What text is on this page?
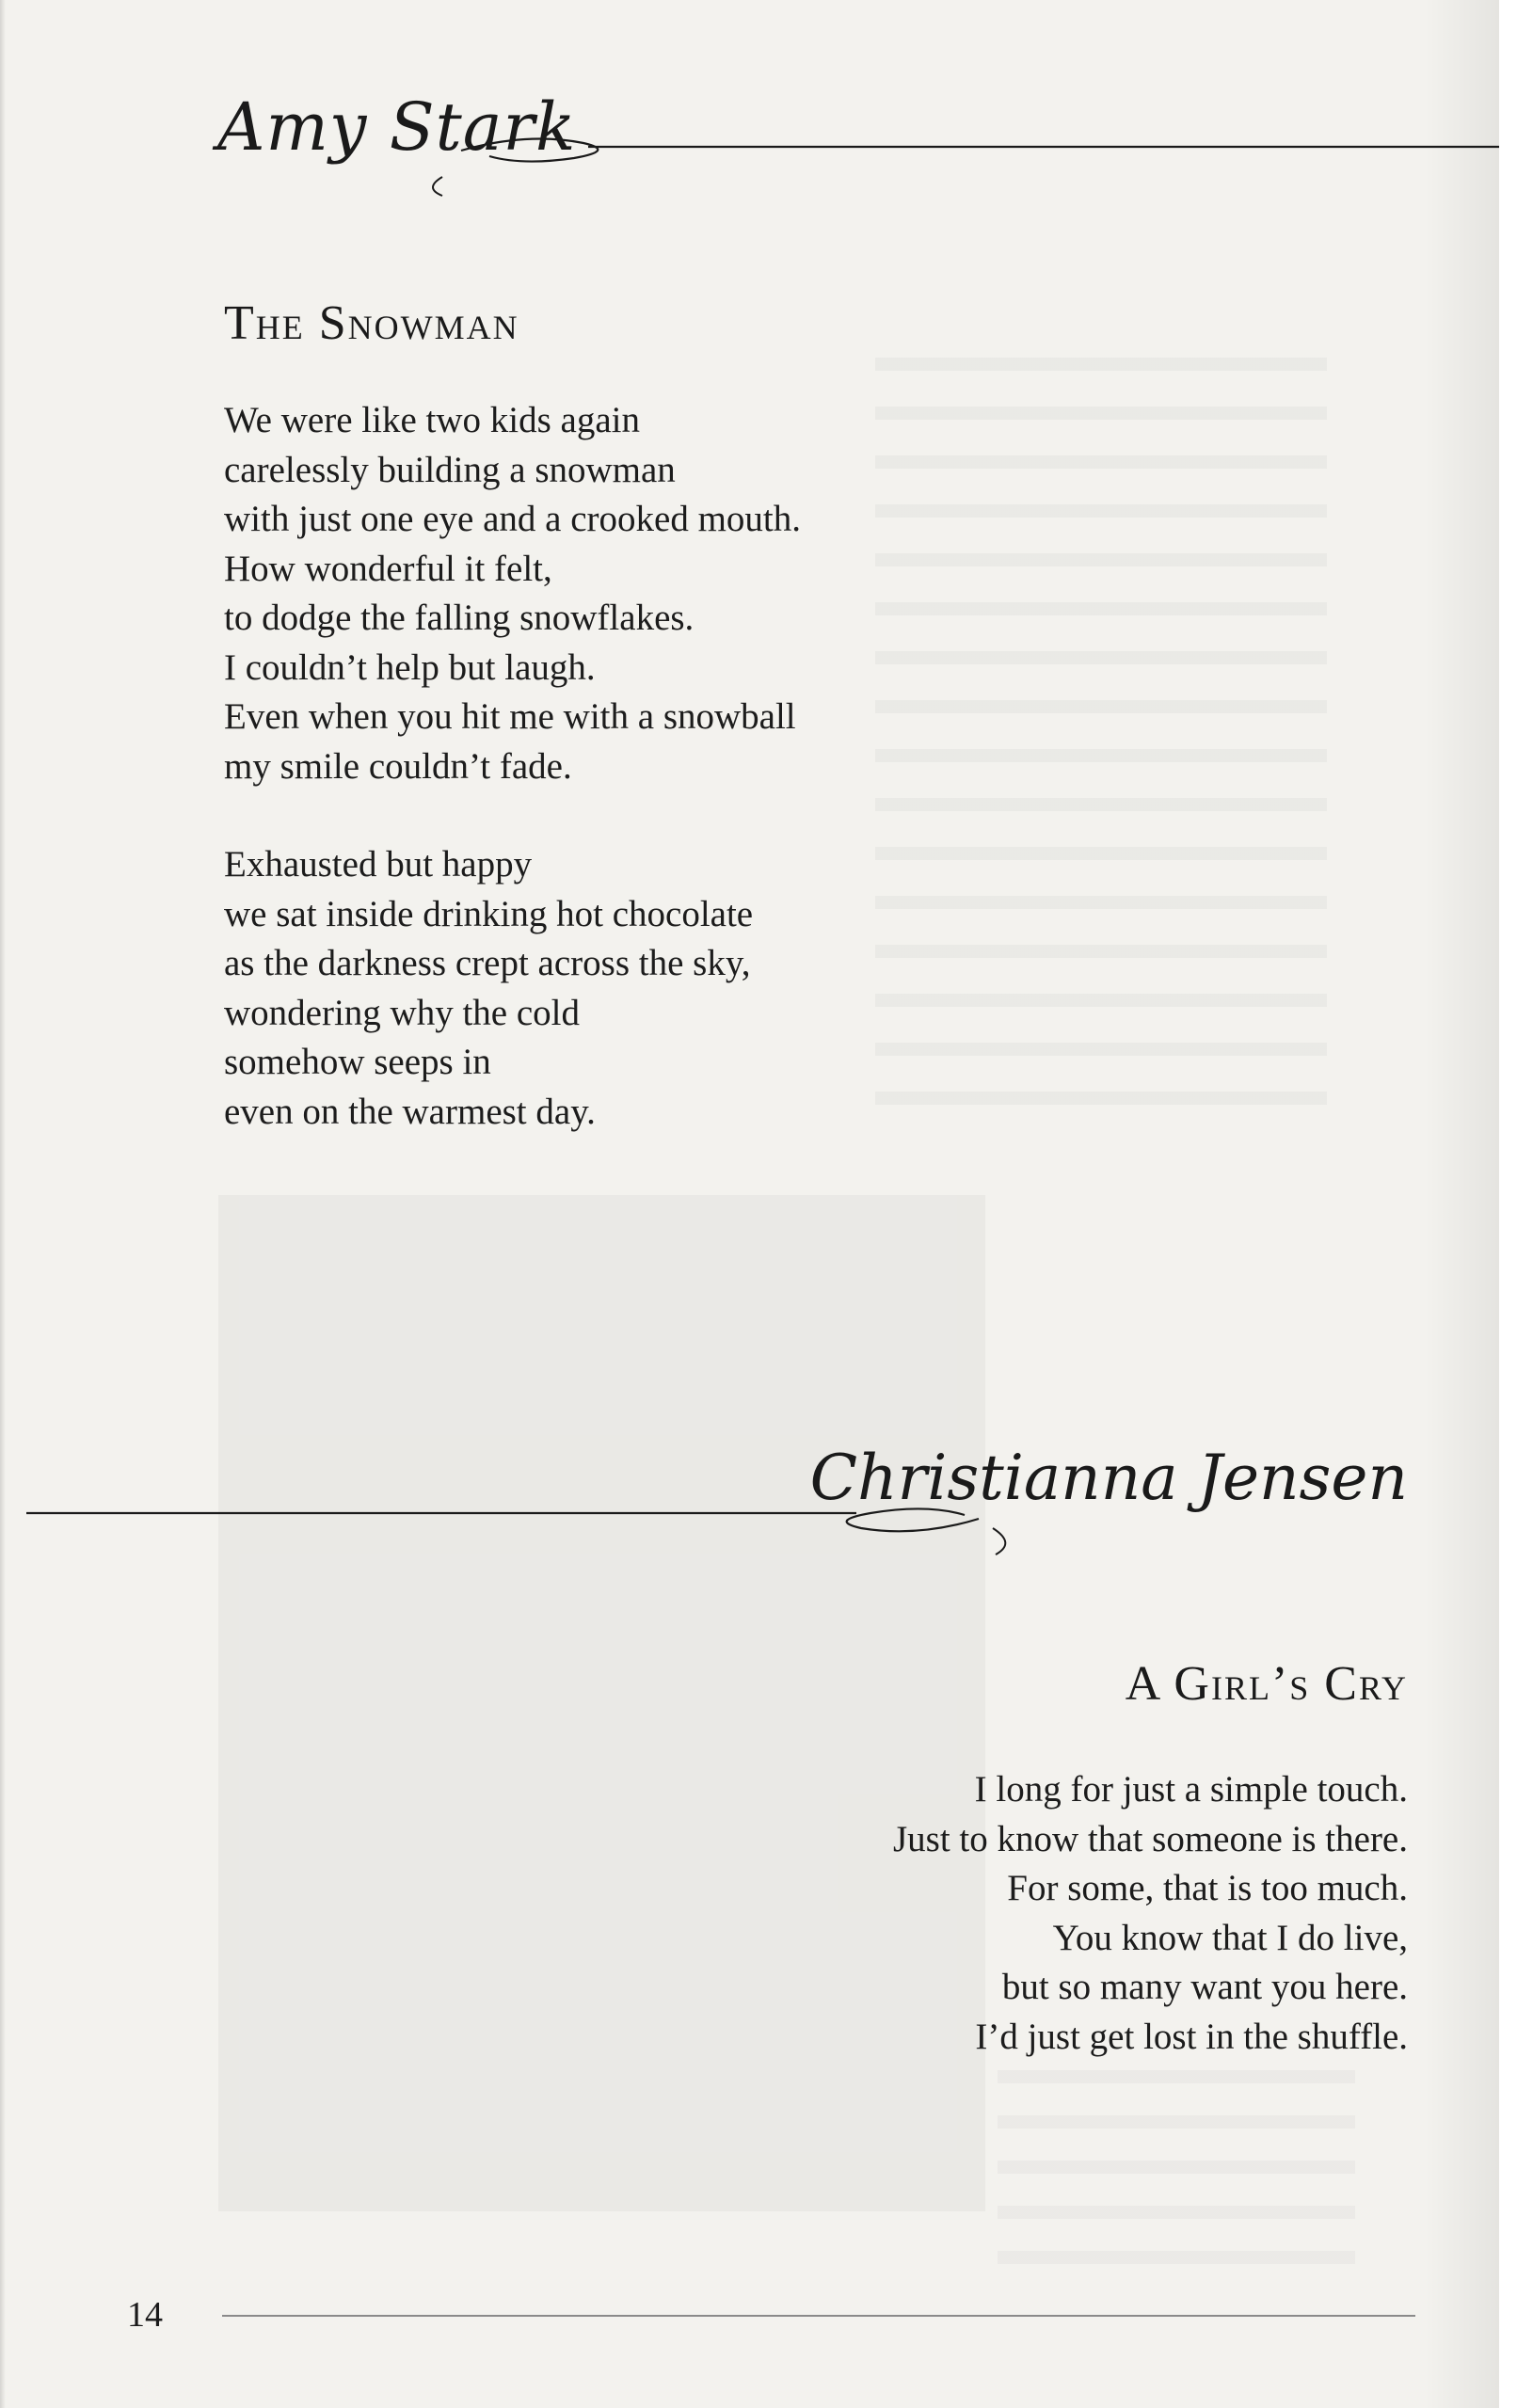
Amy Stark
The Snowman
We were like two kids again
carelessly building a snowman
with just one eye and a crooked mouth.
How wonderful it felt,
to dodge the falling snowflakes.
I couldn’t help but laugh.
Even when you hit me with a snowball
my smile couldn’t fade.
Exhausted but happy
we sat inside drinking hot chocolate
as the darkness crept across the sky,
wondering why the cold
somehow seeps in
even on the warmest day.
Christianna Jensen
A Girl’s Cry
I long for just a simple touch.
Just to know that someone is there.
For some, that is too much.
You know that I do live,
but so many want you here.
I’d just get lost in the shuffle.
14
